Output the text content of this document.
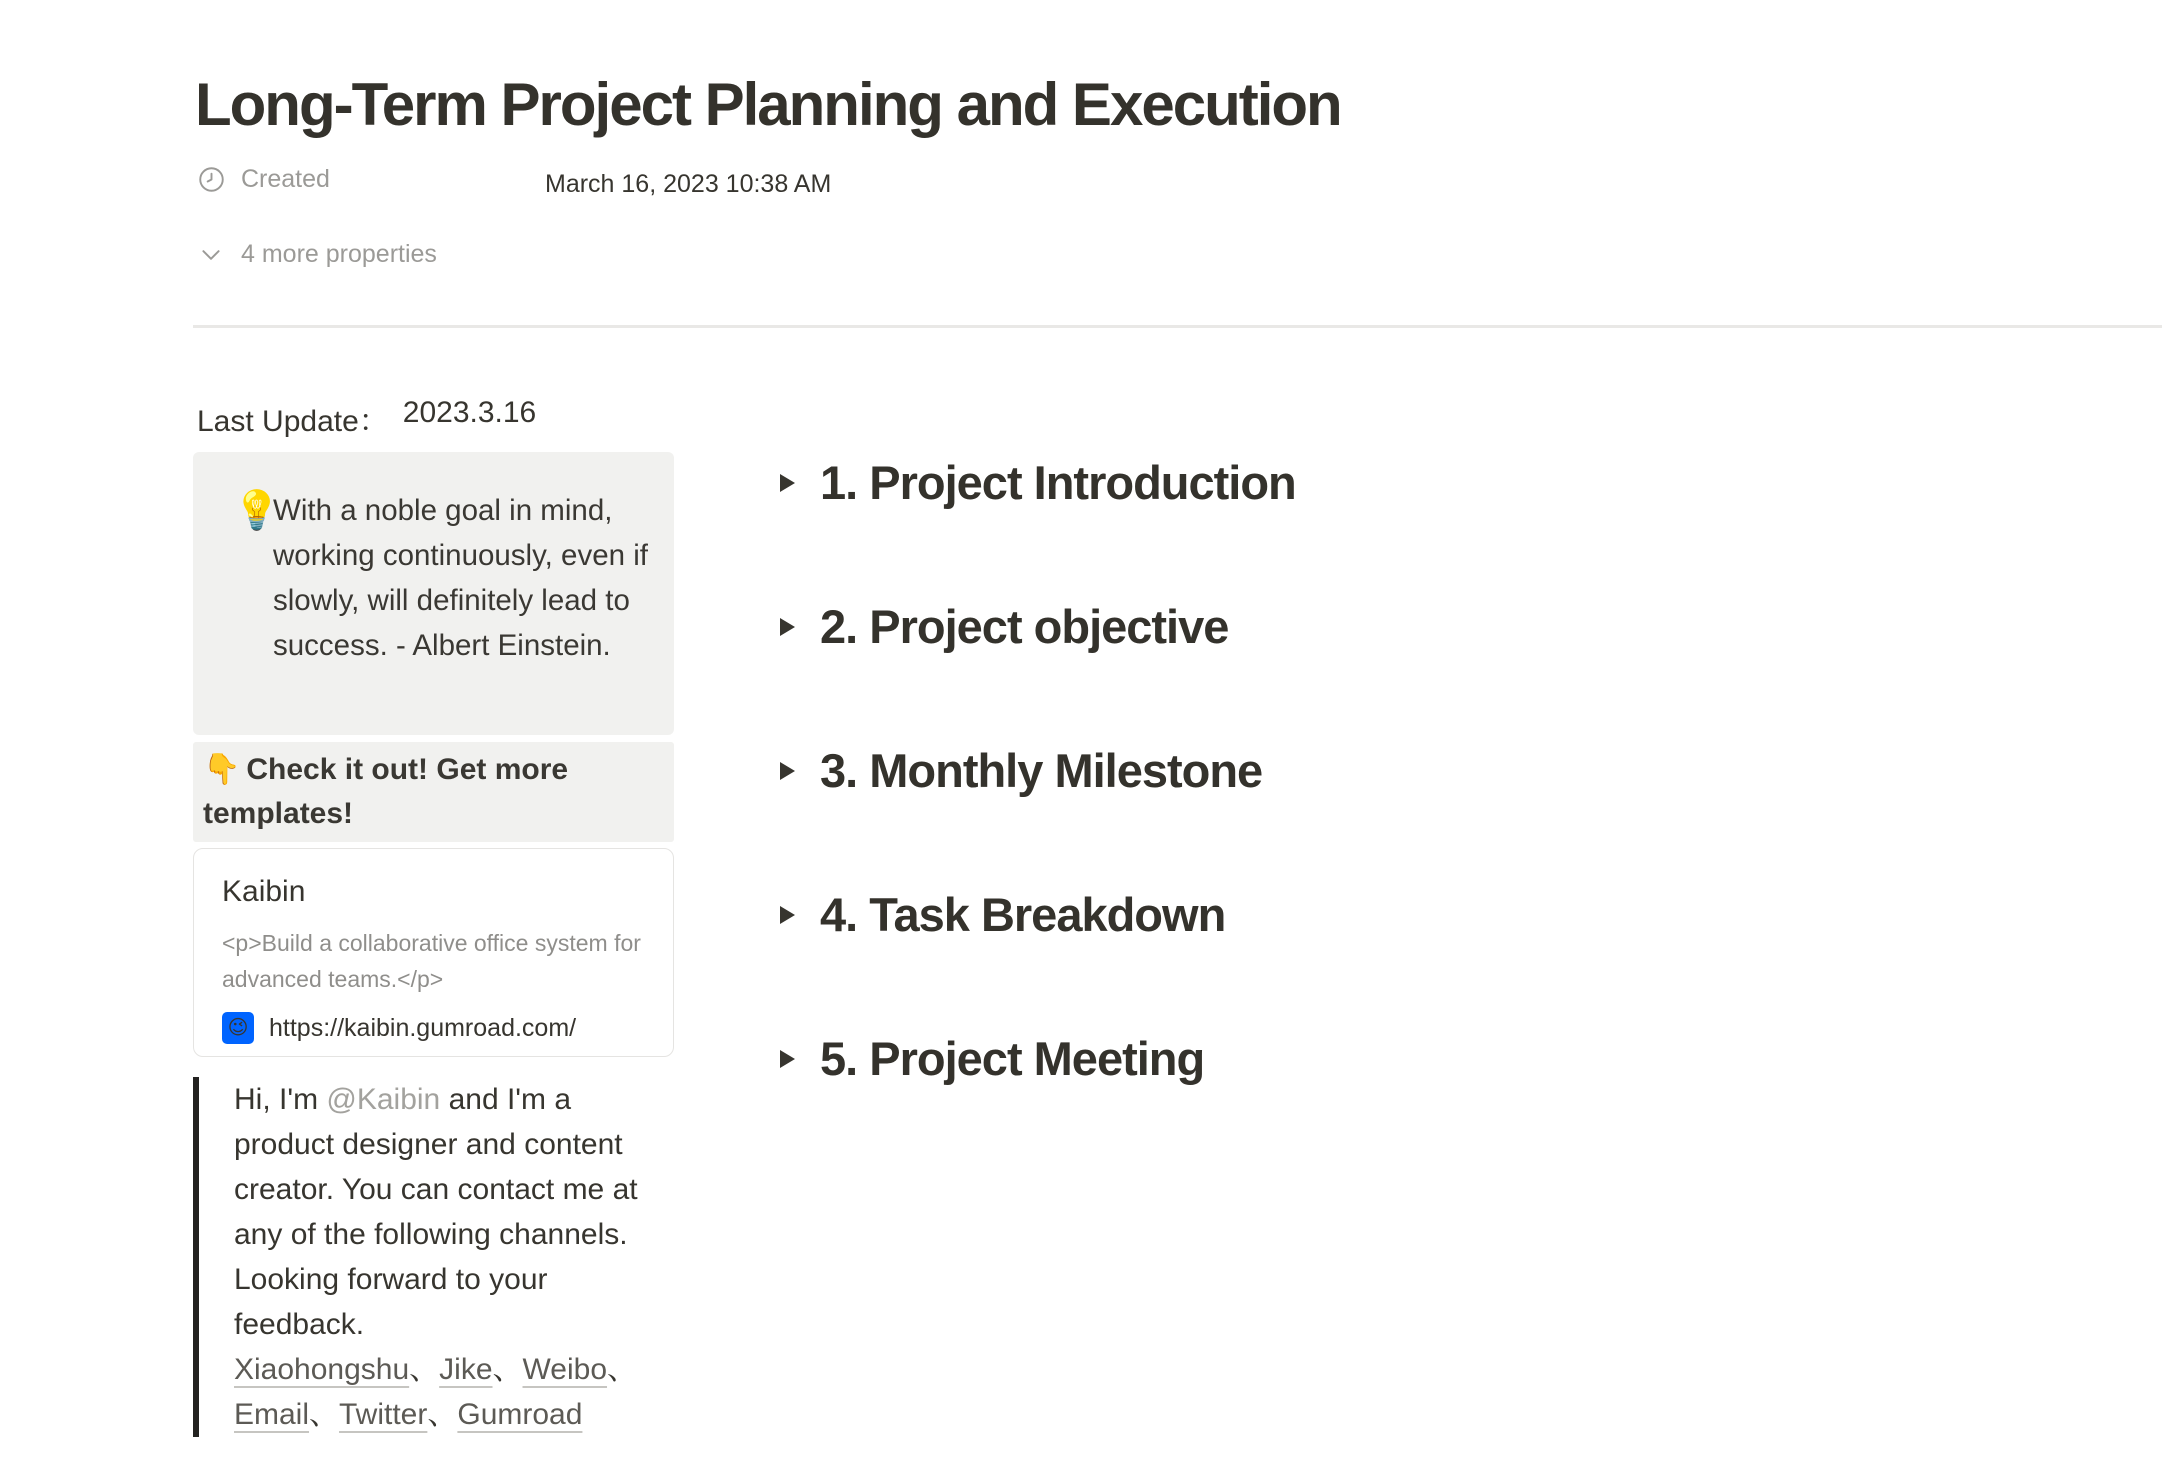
Long-Term Project Planning and Execution
Created	March 16, 2023 10:38 AM
4 more properties
Last Update： 2023.3.16
💡
With a noble goal in mind, working continuously, even if slowly, will definitely lead to success. - Albert Einstein.
👇 Check it out! Get more templates!
Kaibin
<p>Build a collaborative office system for advanced teams.</p>
😉 https://kaibin.gumroad.com/
Hi, I'm @Kaibin and I'm a product designer and content creator. You can contact me at any of the following channels. Looking forward to your feedback.
Xiaohongshu、Jike、Weibo、Email、Twitter、Gumroad
1. Project Introduction
2. Project objective
3. Monthly Milestone
4. Task Breakdown
5. Project Meeting
